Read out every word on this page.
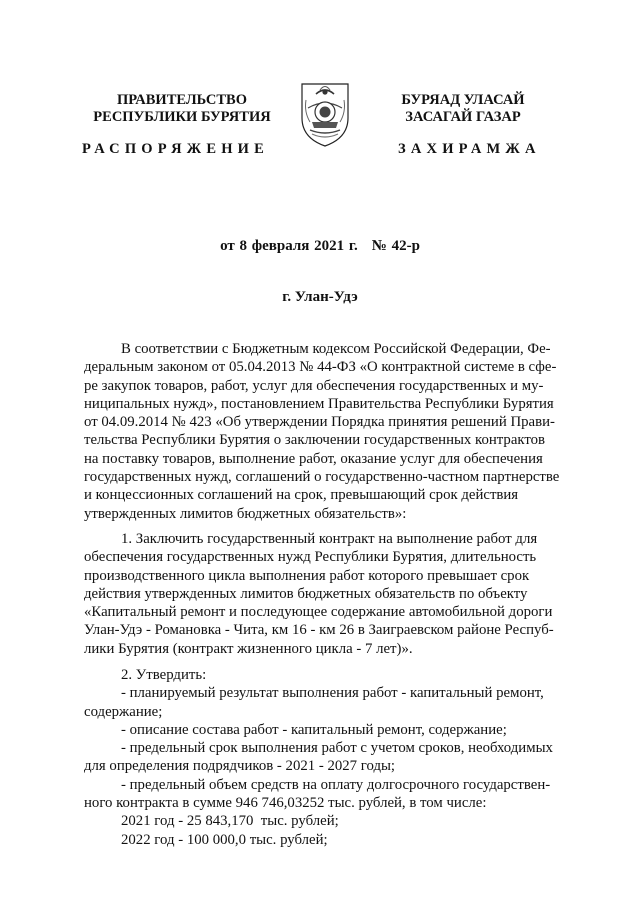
ПРАВИТЕЛЬСТВО
РЕСПУБЛИКИ БУРЯТИЯ
БУРЯАД УЛАСАЙ
ЗАСАГАЙ ГАЗАР
РАСПОРЯЖЕНИЕ	ЗАХИРАМЖА
от 8 февраля 2021 г. № 42-р
г. Улан-Удэ
В соответствии с Бюджетным кодексом Российской Федерации, Фе-
деральным законом от 05.04.2013 № 44-ФЗ «О контрактной системе в сфе-
ре закупок товаров, работ, услуг для обеспечения государственных и му-
ниципальных нужд», постановлением Правительства Республики Бурятия
от 04.09.2014 № 423 «Об утверждении Порядка принятия решений Прави-
тельства Республики Бурятия о заключении государственных контрактов
на поставку товаров, выполнение работ, оказание услуг для обеспечения
государственных нужд, соглашений о государственно-частном партнерстве
и концессионных соглашений на срок, превышающий срок действия
утвержденных лимитов бюджетных обязательств»:
1. Заключить государственный контракт на выполнение работ для
обеспечения государственных нужд Республики Бурятия, длительность
производственного цикла выполнения работ которого превышает срок
действия утвержденных лимитов бюджетных обязательств по объекту
«Капитальный ремонт и последующее содержание автомобильной дороги
Улан-Удэ - Романовка - Чита, км 16 - км 26 в Заиграевском районе Респуб-
лики Бурятия (контракт жизненного цикла - 7 лет)».
2. Утвердить:
- планируемый результат выполнения работ - капитальный ремонт,
содержание;
- описание состава работ - капитальный ремонт, содержание;
- предельный срок выполнения работ с учетом сроков, необходимых
для определения подрядчиков - 2021 - 2027 годы;
- предельный объем средств на оплату долгосрочного государствен-
ного контракта в сумме 946 746,03252 тыс. рублей, в том числе:
2021 год - 25 843,170  тыс. рублей;
2022 год - 100 000,0 тыс. рублей;
